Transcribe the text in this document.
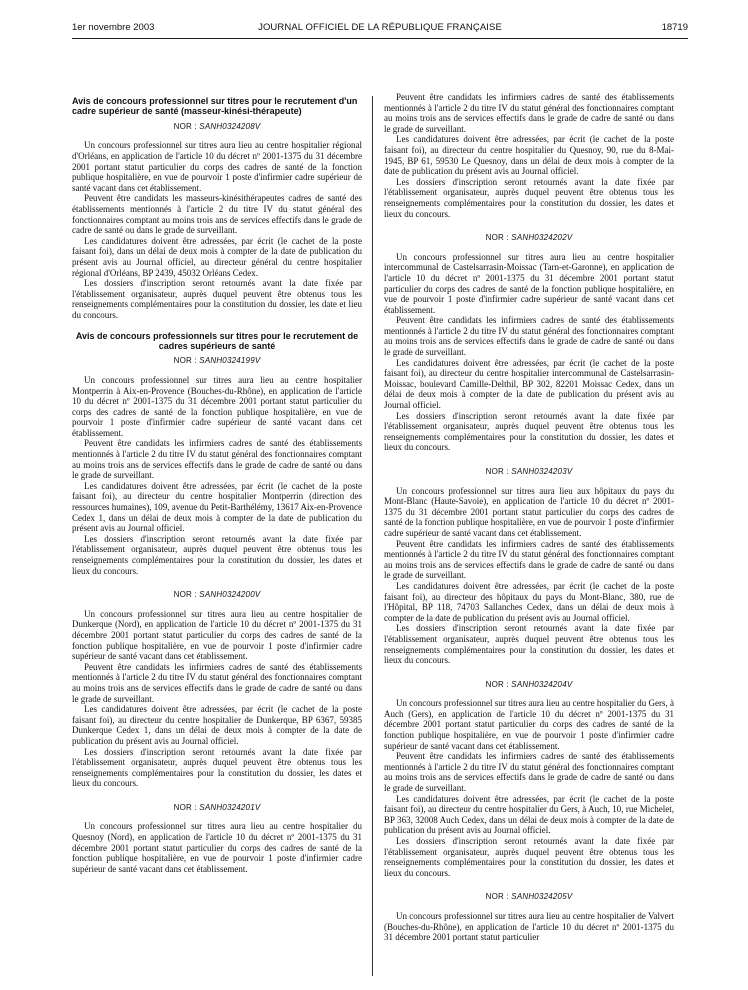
1er novembre 2003	JOURNAL OFFICIEL DE LA RÉPUBLIQUE FRANÇAISE	18719
Avis de concours professionnel sur titres pour le recrutement d'un cadre supérieur de santé (masseur-kinési-thérapeute)
NOR : SANH0324208V

Un concours professionnel sur titres aura lieu au centre hospitalier régional d'Orléans, en application de l'article 10 du décret nº 2001-1375 du 31 décembre 2001 portant statut particulier du corps des cadres de santé de la fonction publique hospitalière, en vue de pourvoir 1 poste d'infirmier cadre supérieur de santé vacant dans cet établissement.

Peuvent être candidats les masseurs-kinésithérapeutes cadres de santé des établissements mentionnés à l'article 2 du titre IV du statut général des fonctionnaires comptant au moins trois ans de services effectifs dans le grade de cadre de santé ou dans le grade de surveillant.

Les candidatures doivent être adressées, par écrit (le cachet de la poste faisant foi), dans un délai de deux mois à compter de la date de publication du présent avis au Journal officiel, au directeur général du centre hospitalier régional d'Orléans, BP 2439, 45032 Orléans Cedex.

Les dossiers d'inscription seront retournés avant la date fixée par l'établissement organisateur, auprès duquel peuvent être obtenus tous les renseignements complémentaires pour la constitution du dossier, les date et lieu du concours.

Avis de concours professionnels sur titres pour le recrutement de cadres supérieurs de santé
NOR : SANH0324199V

Un concours professionnel sur titres aura lieu au centre hospitalier Montperrin à Aix-en-Provence (Bouches-du-Rhône), en application de l'article 10 du décret nº 2001-1375 du 31 décembre 2001 portant statut particulier du corps des cadres de santé de la fonction publique hospitalière, en vue de pourvoir 1 poste d'infirmier cadre supérieur de santé vacant dans cet établissement.

Peuvent être candidats les infirmiers cadres de santé des établissements mentionnés à l'article 2 du titre IV du statut général des fonctionnaires comptant au moins trois ans de services effectifs dans le grade de cadre de santé ou dans le grade de surveillant.

Les candidatures doivent être adressées, par écrit (le cachet de la poste faisant foi), au directeur du centre hospitalier Montperrin (direction des ressources humaines), 109, avenue du Petit-Barthélémy, 13617 Aix-en-Provence Cedex 1, dans un délai de deux mois à compter de la date de publication du présent avis au Journal officiel.

Les dossiers d'inscription seront retournés avant la date fixée par l'établissement organisateur, auprès duquel peuvent être obtenus tous les renseignements complémentaires pour la constitution du dossier, les dates et lieux du concours.

NOR : SANH0324200V

Un concours professionnel sur titres aura lieu au centre hospitalier de Dunkerque (Nord), en application de l'article 10 du décret nº 2001-1375 du 31 décembre 2001 portant statut particulier du corps des cadres de santé de la fonction publique hospitalière, en vue de pourvoir 1 poste d'infirmier cadre supérieur de santé vacant dans cet établissement.

Peuvent être candidats les infirmiers cadres de santé des établissements mentionnés à l'article 2 du titre IV du statut général des fonctionnaires comptant au moins trois ans de services effectifs dans le grade de cadre de santé ou dans le grade de surveillant.

Les candidatures doivent être adressées, par écrit (le cachet de la poste faisant foi), au directeur du centre hospitalier de Dunkerque, BP 6367, 59385 Dunkerque Cedex 1, dans un délai de deux mois à compter de la date de publication du présent avis au Journal officiel.

Les dossiers d'inscription seront retournés avant la date fixée par l'établissement organisateur, auprès duquel peuvent être obtenus tous les renseignements complémentaires pour la constitution du dossier, les dates et lieux du concours.

NOR : SANH0324201V

Un concours professionnel sur titres aura lieu au centre hospitalier du Quesnoy (Nord), en application de l'article 10 du décret nº 2001-1375 du 31 décembre 2001 portant statut particulier du corps des cadres de santé de la fonction publique hospitalière, en vue de pourvoir 1 poste d'infirmier cadre supérieur de santé vacant dans cet établissement.

Peuvent être candidats les infirmiers cadres de santé des établissements mentionnés à l'article 2 du titre IV du statut général des fonctionnaires comptant au moins trois ans de services effectifs dans le grade de cadre de santé ou dans le grade de surveillant.

Les candidatures doivent être adressées, par écrit (le cachet de la poste faisant foi), au directeur du centre hospitalier du Quesnoy, 90, rue du 8-Mai-1945, BP 61, 59530 Le Quesnoy, dans un délai de deux mois à compter de la date de publication du présent avis au Journal officiel.

Les dossiers d'inscription seront retournés avant la date fixée par l'établissement organisateur, auprès duquel peuvent être obtenus tous les renseignements complémentaires pour la constitution du dossier, les dates et lieux du concours.

NOR : SANH0324202V

Un concours professionnel sur titres aura lieu au centre hospitalier intercommunal de Castelsarrasin-Moissac (Tarn-et-Garonne), en application de l'article 10 du décret nº 2001-1375 du 31 décembre 2001 portant statut particulier du corps des cadres de santé de la fonction publique hospitalière, en vue de pourvoir 1 poste d'infirmier cadre supérieur de santé vacant dans cet établissement.

Peuvent être candidats les infirmiers cadres de santé des établissements mentionnés à l'article 2 du titre IV du statut général des fonctionnaires comptant au moins trois ans de services effectifs dans le grade de cadre de santé ou dans le grade de surveillant.

Les candidatures doivent être adressées, par écrit (le cachet de la poste faisant foi), au directeur du centre hospitalier intercommunal de Castelsarrasin-Moissac, boulevard Camille-Delthil, BP 302, 82201 Moissac Cedex, dans un délai de deux mois à compter de la date de publication du présent avis au Journal officiel.

Les dossiers d'inscription seront retournés avant la date fixée par l'établissement organisateur, auprès duquel peuvent être obtenus tous les renseignements complémentaires pour la constitution du dossier, les dates et lieux du concours.

NOR : SANH0324203V

Un concours professionnel sur titres aura lieu aux hôpitaux du pays du Mont-Blanc (Haute-Savoie), en application de l'article 10 du décret nº 2001-1375 du 31 décembre 2001 portant statut particulier du corps des cadres de santé de la fonction publique hospitalière, en vue de pourvoir 1 poste d'infirmier cadre supérieur de santé vacant dans cet établissement.

Peuvent être candidats les infirmiers cadres de santé des établissements mentionnés à l'article 2 du titre IV du statut général des fonctionnaires comptant au moins trois ans de services effectifs dans le grade de cadre de santé ou dans le grade de surveillant.

Les candidatures doivent être adressées, par écrit (le cachet de la poste faisant foi), au directeur des hôpitaux du pays du Mont-Blanc, 380, rue de l'Hôpital, BP 118, 74703 Sallanches Cedex, dans un délai de deux mois à compter de la date de publication du présent avis au Journal officiel.

Les dossiers d'inscription seront retournés avant la date fixée par l'établissement organisateur, auprès duquel peuvent être obtenus tous les renseignements complémentaires pour la constitution du dossier, les dates et lieux du concours.

NOR : SANH0324204V

Un concours professionnel sur titres aura lieu au centre hospitalier du Gers, à Auch (Gers), en application de l'article 10 du décret nº 2001-1375 du 31 décembre 2001 portant statut particulier du corps des cadres de santé de la fonction publique hospitalière, en vue de pourvoir 1 poste d'infirmier cadre supérieur de santé vacant dans cet établissement.

Peuvent être candidats les infirmiers cadres de santé des établissements mentionnés à l'article 2 du titre IV du statut général des fonctionnaires comptant au moins trois ans de services effectifs dans le grade de cadre de santé ou dans le grade de surveillant.

Les candidatures doivent être adressées, par écrit (le cachet de la poste faisant foi), au directeur du centre hospitalier du Gers, à Auch, 10, rue Michelet, BP 363, 32008 Auch Cedex, dans un délai de deux mois à compter de la date de publication du présent avis au Journal officiel.

Les dossiers d'inscription seront retournés avant la date fixée par l'établissement organisateur, auprès duquel peuvent être obtenus tous les renseignements complémentaires pour la constitution du dossier, les dates et lieux du concours.

NOR : SANH0324205V

Un concours professionnel sur titres aura lieu au centre hospitalier de Valvert (Bouches-du-Rhône), en application de l'article 10 du décret nº 2001-1375 du 31 décembre 2001 portant statut particulier
